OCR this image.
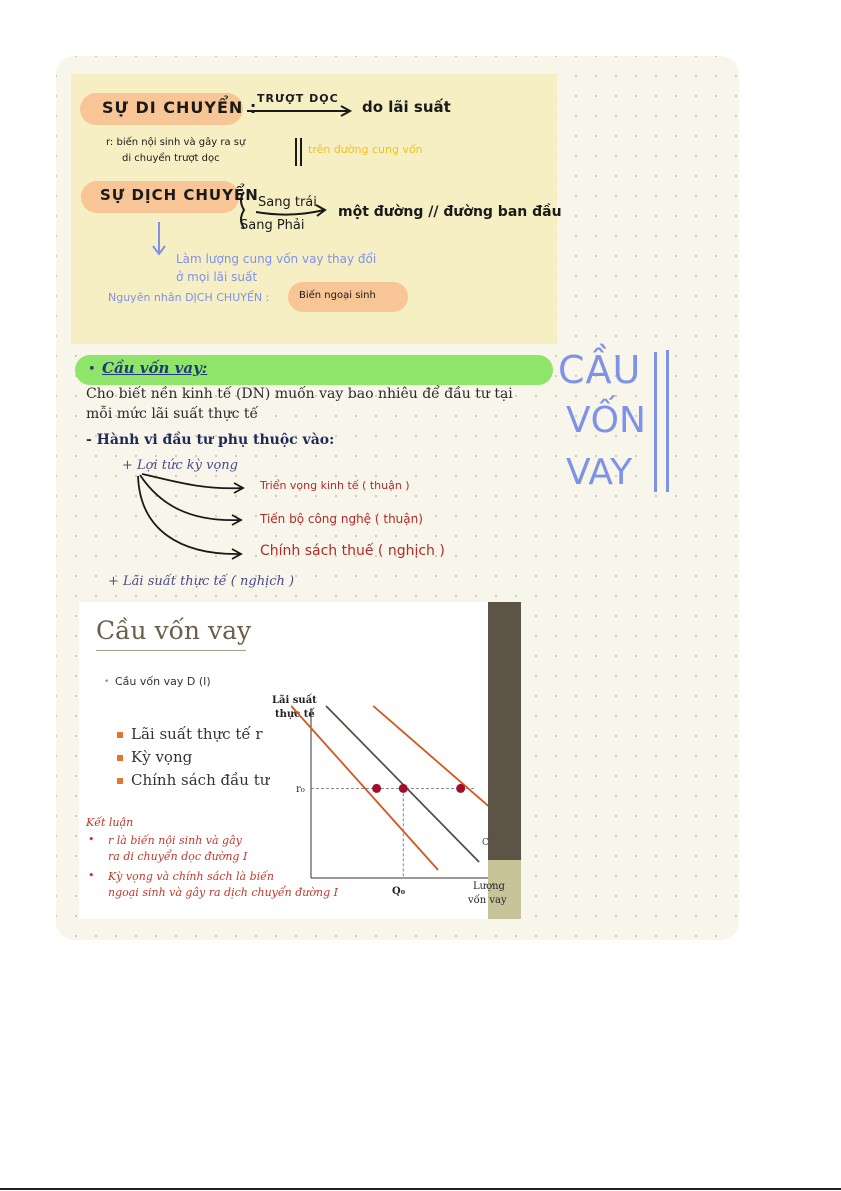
SỰ DI CHUYỂN : TRƯỢT DỌC do lãi suất
r: biến nội sinh và gây ra sự
di chuyển trượt dọc
trên đường cung vốn
SỰ DỊCH CHUYỂN Sang trái
Sang Phải
một đường // đường ban đầu
Làm lượng cung vốn vay thay đổi
ở mọi lãi suất
Nguyên nhân DỊCH CHUYỂN :	Biến ngoại sinh
• Cầu vốn vay:
Cho biết nền kinh tế (DN) muốn vay bao nhiêu để đầu tư tại
mỗi mức lãi suất thực tế
- Hành vi đầu tư phụ thuộc vào:
+ Lợi tức kỳ vọng
Triển vọng kinh tế ( thuận )
Tiến bộ công nghệ ( thuận)
Chính sách thuế ( nghịch )
+ Lãi suất thực tế ( nghịch )
CẦU
VỐN
VAY
Cầu vốn vay
• Cầu vốn vay D (I)
Lãi suất thực tế r
Kỳ vọng
Chính sách đầu tư
Kết luận
• r là biến nội sinh và gây
ra di chuyển dọc đường I
• Kỳ vọng và chính sách là biến
ngoại sinh và gây ra dịch chuyển đường I
Lãi suất
thực tế
r₀
Q₀	Lượng
vốn vay
C
